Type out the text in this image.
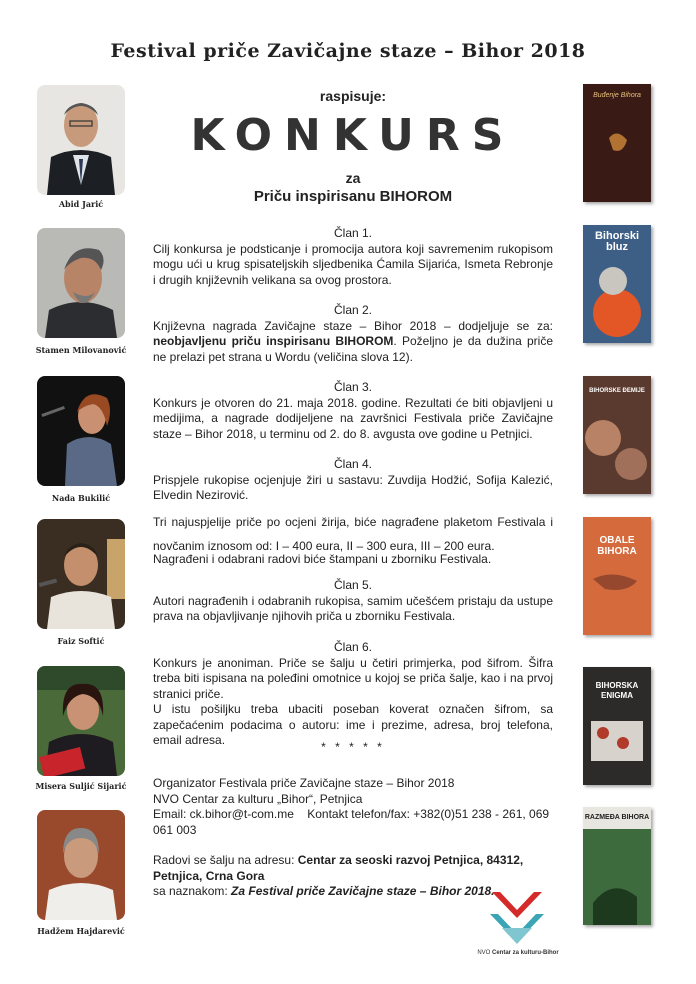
Festival priče Zavičajne staze – Bihor 2018
raspisuje:
KONKURS
za
Priču inspirisanu BIHOROM

Član 1.

Cilj konkursa je podsticanje i promocija autora koji savremenim rukopisom mogu ući u krug spisateljskih sljedbenika Ćamila Sijarića, Ismeta Rebronje i drugih književnih velikana sa ovog prostora.

Član 2.

Književna nagrada Zavičajne staze – Bihor 2018 – dodjeljuje se za: neobjavljenu priču inspirisanu BIHOROM. Poželjno je da dužina priče ne prelazi pet strana u Wordu (veličina slova 12).

Član 3.

Konkurs je otvoren do 21. maja 2018. godine. Rezultati će biti objavljeni u medijima, a nagrade dodijeljene na završnici Festivala priče Zavičajne staze – Bihor 2018, u terminu od 2. do 8. avgusta ove godine u Petnjici.

Član 4.

Prispjele rukopise ocjenjuje žiri u sastavu: Zuvdija Hodžić, Sofija Kalezić, Elvedin Nezirović.

Tri najuspjelije priče po ocjeni žirija, biće nagrađene plaketom Festivala i novčanim iznosom od: I – 400 eura, II – 300 eura, III – 200 eura.

Nagrađeni i odabrani radovi biće štampani u zborniku Festivala.

Član 5.

Autori nagrađenih i odabranih rukopisa, samim učešćem pristaju da ustupe prava na objavljivanje njihovih priča u zborniku Festivala.

Član 6.

Konkurs je anoniman. Priče se šalju u četiri primjerka, pod šifrom. Šifra treba biti ispisana na poleđini omotnice u kojoj se priča šalje, kao i na prvoj stranici priče.

U istu pošiljku treba ubaciti poseban koverat označen šifrom, sa zapečaćenim podacima o autoru: ime i prezime, adresa, broj telefona, email adresa.	* * * * *
Organizator Festivala priče Zavičajne staze – Bihor 2018
NVO Centar za kulturu „Bihor“, Petnjica
Email: ck.bihor@t-com.me Kontakt telefon/fax: +382(0)51 238 - 261, 069 061 003
Radovi se šalju na adresu: Centar za seoski razvoj Petnjica, 84312, Petnjica, Crna Gora
sa naznakom: Za Festival priče Zavičajne staze – Bihor 2018.
Abid Jarić
Stamen Milovanović
Nada Bukilić
Faiz Softić
Misera Suljić Sijarić
Hadžem Hajdarević
Buđenje Bihora
Bihorski bluz
BIHORSKE ĐEMIJE
OBALE BIHORA
BIHORSKA ENIGMA
RAZMEĐA BIHORA
NVO Centar za kulturu-Bihor
